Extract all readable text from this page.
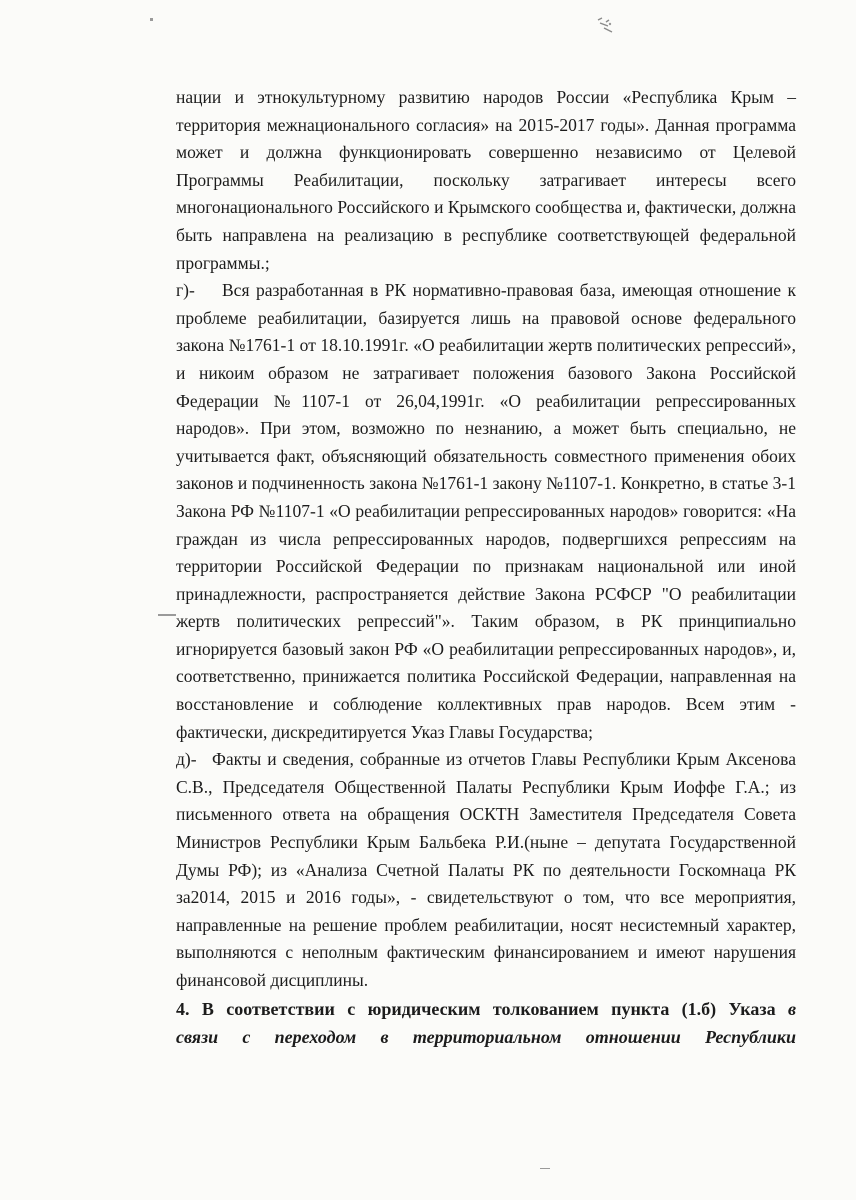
нации и этнокультурному развитию народов России «Республика Крым – территория межнационального согласия» на 2015-2017 годы». Данная программа может и должна функционировать совершенно независимо от Целевой Программы Реабилитации, поскольку затрагивает интересы всего многонационального Российского и Крымского сообщества и, фактически, должна быть направлена на реализацию в республике соответствующей федеральной программы.;

г)- Вся разработанная в РК нормативно-правовая база, имеющая отношение к проблеме реабилитации, базируется лишь на правовой основе федерального закона №1761-1 от 18.10.1991г. «О реабилитации жертв политических репрессий», и никоим образом не затрагивает положения базового Закона Российской Федерации №1107-1 от 26,04,1991г. «О реабилитации репрессированных народов». При этом, возможно по незнанию, а может быть специально, не учитывается факт, объясняющий обязательность совместного применения обоих законов и подчиненность закона №1761-1 закону №1107-1. Конкретно, в статье 3-1 Закона РФ №1107-1 «О реабилитации репрессированных народов» говорится: «На граждан из числа репрессированных народов, подвергшихся репрессиям на территории Российской Федерации по признакам национальной или иной принадлежности, распространяется действие Закона РСФСР "О реабилитации жертв политических репрессий"». Таким образом, в РК принципиально игнорируется базовый закон РФ «О реабилитации репрессированных народов», и, соответственно, принижается политика Российской Федерации, направленная на восстановление и соблюдение коллективных прав народов. Всем этим - фактически, дискредитируется Указ Главы Государства;

д)- Факты и сведения, собранные из отчетов Главы Республики Крым Аксенова С.В., Председателя Общественной Палаты Республики Крым Иоффе Г.А.; из письменного ответа на обращения ОСКТН Заместителя Председателя Совета Министров Республики Крым Бальбека Р.И.(ныне – депутата Государственной Думы РФ); из «Анализа Счетной Палаты РК по деятельности Госкомнаца РК за2014, 2015 и 2016 годы», - свидетельствуют о том, что все мероприятия, направленные на решение проблем реабилитации, носят несистемный характер, выполняются с неполным фактическим финансированием и имеют нарушения финансовой дисциплины.

4. В соответствии с юридическим толкованием пункта (1.б) Указа в

связи с переходом в территориальном отношении Республики
